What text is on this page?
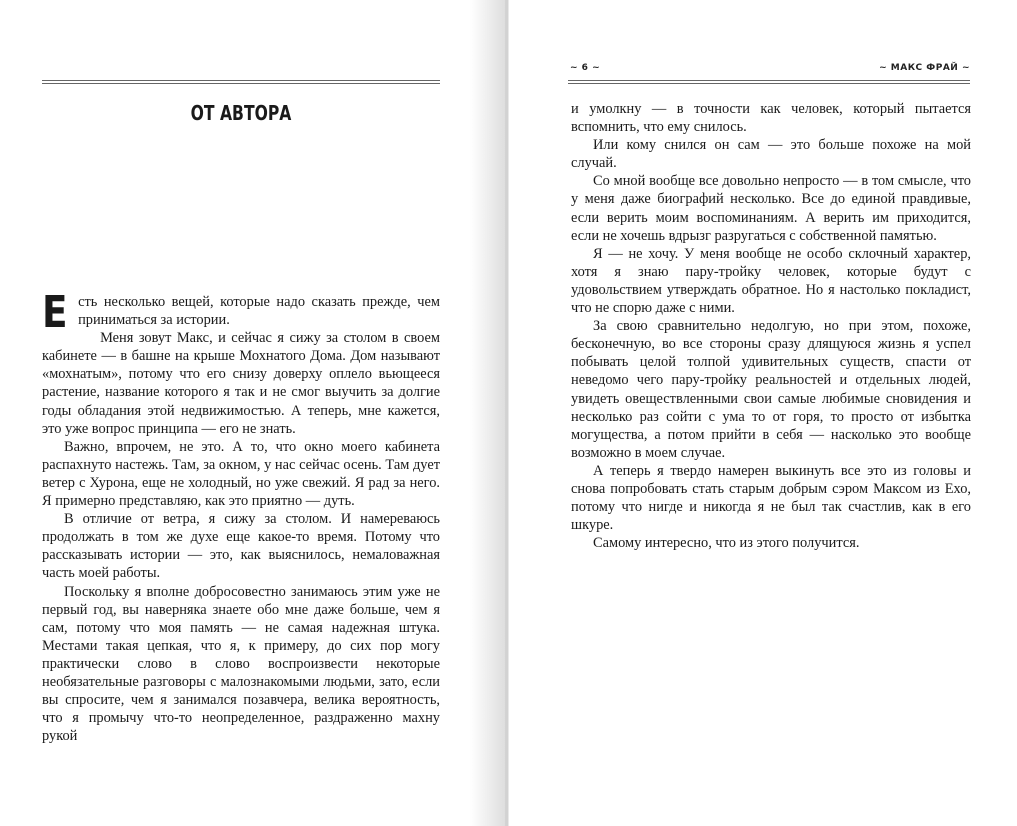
ОТ АВТОРА

Есть несколько вещей, которые надо сказать прежде, чем приниматься за истории.

Меня зовут Макс, и сейчас я сижу за столом в своем кабинете — в башне на крыше Мохнатого Дома. Дом называют «мохнатым», потому что его снизу доверху оплело вьющееся растение, название которого я так и не смог выучить за долгие годы обладания этой недвижимостью. А теперь, мне кажется, это уже вопрос принципа — его не знать.

Важно, впрочем, не это. А то, что окно моего кабинета распахнуто настежь. Там, за окном, у нас сейчас осень. Там дует ветер с Хурона, еще не холодный, но уже свежий. Я рад за него. Я примерно представляю, как это приятно — дуть.

В отличие от ветра, я сижу за столом. И намереваюсь продолжать в том же духе еще какое-то время. Потому что рассказывать истории — это, как выяснилось, немаловажная часть моей работы.

Поскольку я вполне добросовестно занимаюсь этим уже не первый год, вы наверняка знаете обо мне даже больше, чем я сам, потому что моя память — не самая надежная штука. Местами такая цепкая, что я, к примеру, до сих пор могу практически слово в слово воспроизвести некоторые необязательные разговоры с малознакомыми людьми, зато, если вы спросите, чем я занимался позавчера, велика вероятность, что я промычу что-то неопределенное, раздраженно махну рукой

~ 6 ~	~ МАКС ФРАЙ ~

и умолкну — в точности как человек, который пытается вспомнить, что ему снилось.

Или кому снился он сам — это больше похоже на мой случай.

Со мной вообще все довольно непросто — в том смысле, что у меня даже биографий несколько. Все до единой правдивые, если верить моим воспоминаниям. А верить им приходится, если не хочешь вдрызг разругаться с собственной памятью.

Я — не хочу. У меня вообще не особо склочный характер, хотя я знаю пару-тройку человек, которые будут с удовольствием утверждать обратное. Но я настолько покладист, что не спорю даже с ними.

За свою сравнительно недолгую, но при этом, похоже, бесконечную, во все стороны сразу длящуюся жизнь я успел побывать целой толпой удивительных существ, спасти от неведомо чего пару-тройку реальностей и отдельных людей, увидеть овеществленными свои самые любимые сновидения и несколько раз сойти с ума то от горя, то просто от избытка могущества, а потом прийти в себя — насколько это вообще возможно в моем случае.

А теперь я твердо намерен выкинуть все это из головы и снова попробовать стать старым добрым сэром Максом из Ехо, потому что нигде и никогда я не был так счастлив, как в его шкуре.

Самому интересно, что из этого получится.
